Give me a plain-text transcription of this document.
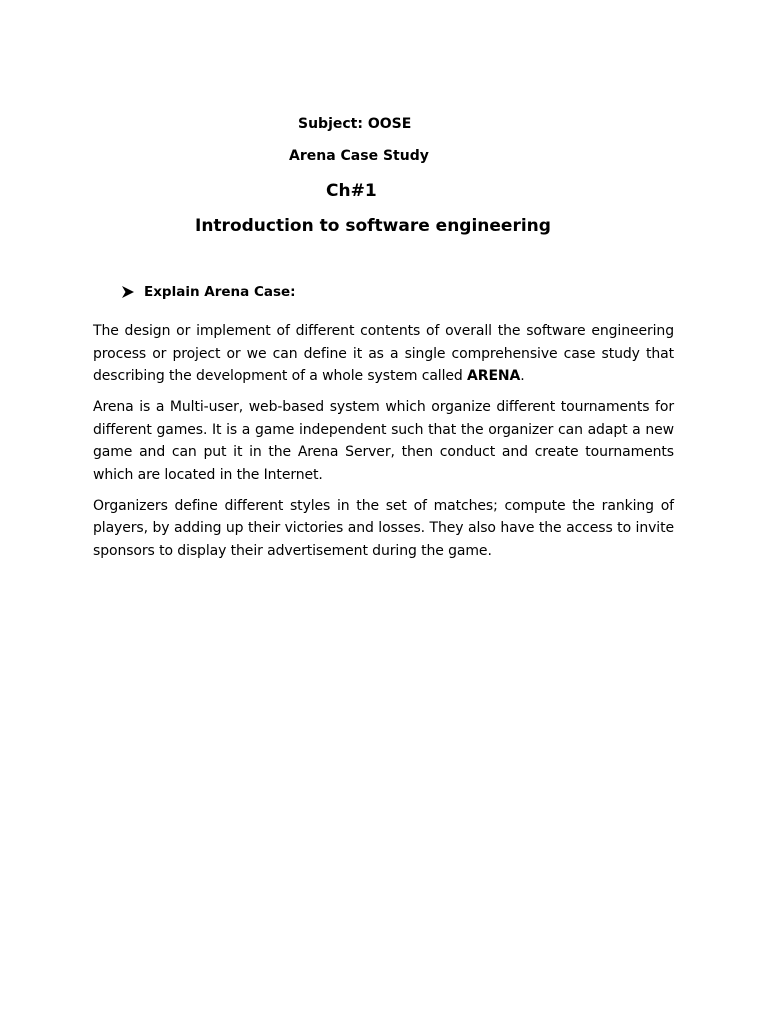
Subject: OOSE

Arena Case Study

Ch#1

Introduction to software engineering

Explain Arena Case:

The design or implement of different contents of overall the software engineering process or project or we can define it as a single comprehensive case study that describing the development of a whole system called ARENA.

Arena is a Multi-user, web-based system which organize different tournaments for different games. It is a game independent such that the organizer can adapt a new game and can put it in the Arena Server, then conduct and create tournaments which are located in the Internet.

Organizers define different styles in the set of matches; compute the ranking of players, by adding up their victories and losses. They also have the access to invite sponsors to display their advertisement during the game.
